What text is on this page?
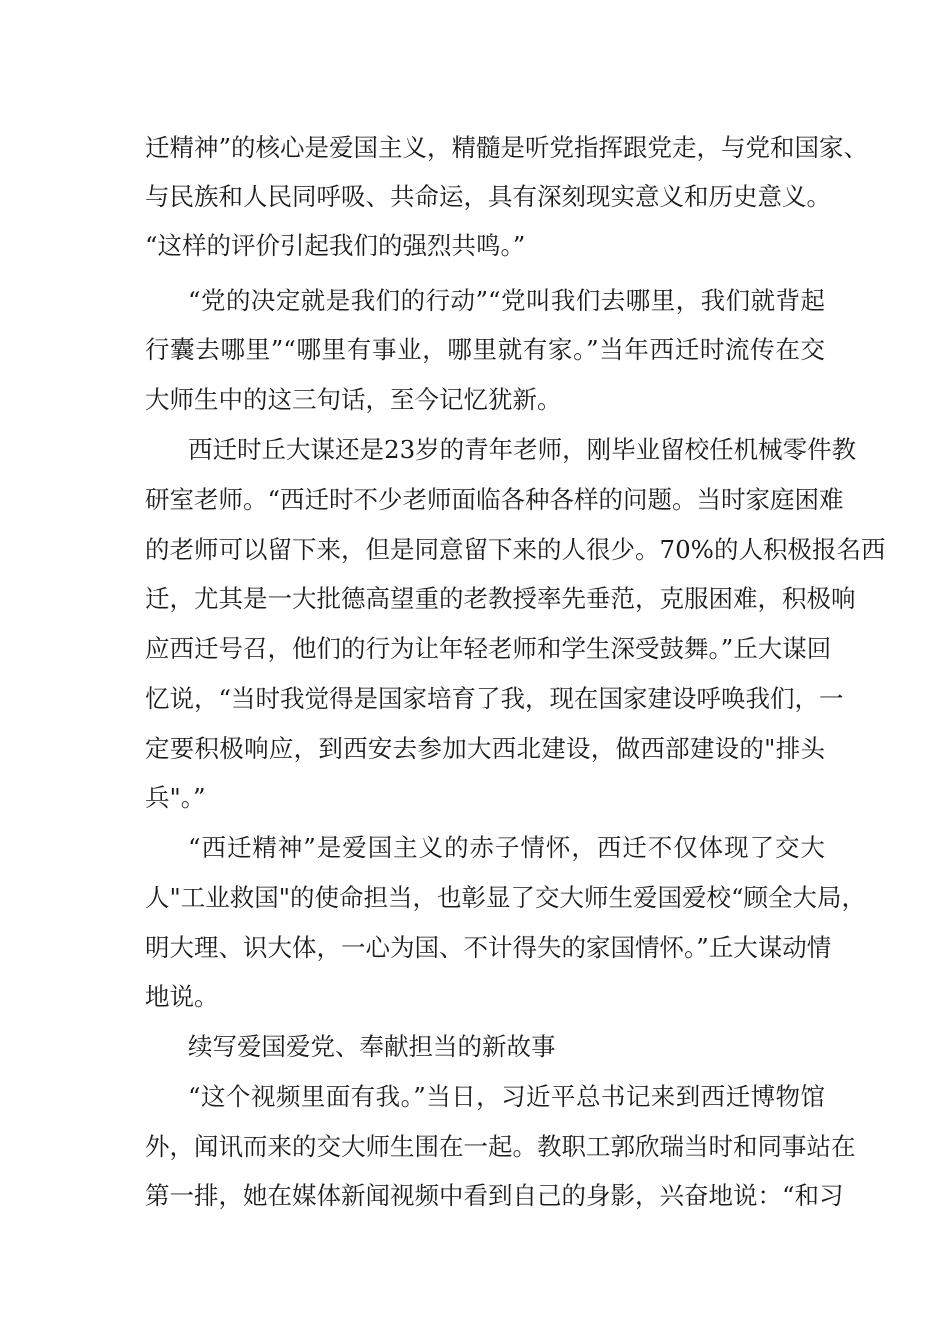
迁精神”的核心是爱国主义，精髓是听党指挥跟党走，与党和国家、
与民族和人民同呼吸、共命运，具有深刻现实意义和历史意义。
“这样的评价引起我们的强烈共鸣。”
“党的决定就是我们的行动”“党叫我们去哪里，我们就背起
行囊去哪里”“哪里有事业，哪里就有家。”当年西迁时流传在交
大师生中的这三句话，至今记忆犹新。
西迁时丘大谋还是23岁的青年老师，刚毕业留校任机械零件教
研室老师。“西迁时不少老师面临各种各样的问题。当时家庭困难
的老师可以留下来，但是同意留下来的人很少。70%的人积极报名西
迁，尤其是一大批德高望重的老教授率先垂范，克服困难，积极响
应西迁号召，他们的行为让年轻老师和学生深受鼓舞。”丘大谋回
忆说，“当时我觉得是国家培育了我，现在国家建设呼唤我们，一
定要积极响应，到西安去参加大西北建设，做西部建设的"排头
兵"。”
“西迁精神”是爱国主义的赤子情怀，西迁不仅体现了交大
人"工业救国"的使命担当，也彰显了交大师生爱国爱校“顾全大局，
明大理、识大体，一心为国、不计得失的家国情怀。”丘大谋动情
地说。
续写爱国爱党、奉献担当的新故事
“这个视频里面有我。”当日，习近平总书记来到西迁博物馆
外，闻讯而来的交大师生围在一起。教职工郭欣瑞当时和同事站在
第一排，她在媒体新闻视频中看到自己的身影，兴奋地说：“和习
